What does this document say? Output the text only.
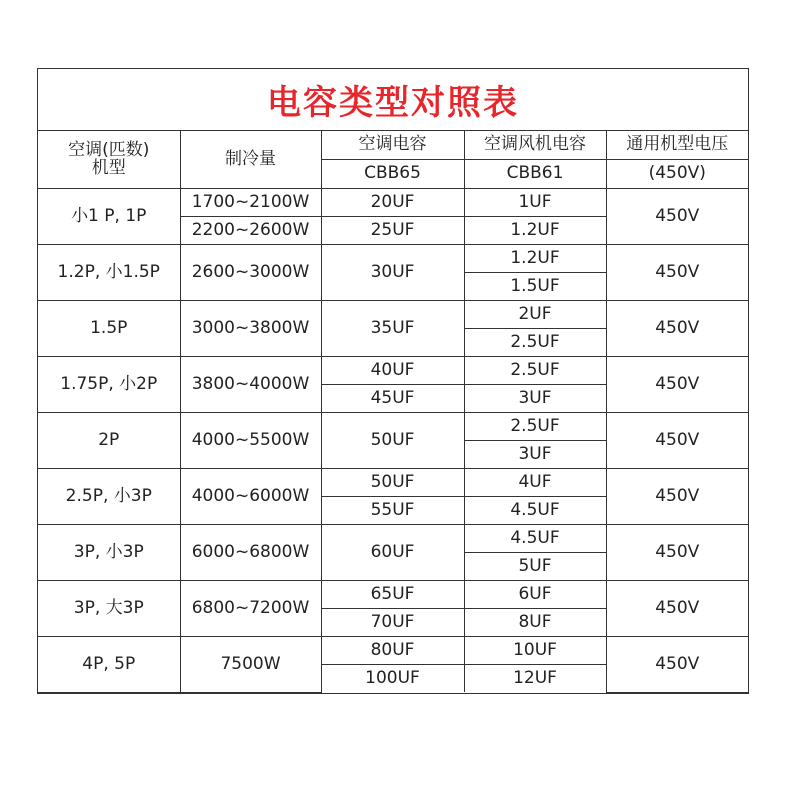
电容类型对照表
空调(匹数)
机型	制冷量	空调电容	空调风机电容	通用机型电压
		CBB65	CBB61	(450V)
小1 P, 1P	1700~2100W	20UF	1UF	450V
	2200~2600W	25UF	1.2UF	
1.2P, 小1.5P	2600~3000W	30UF	1.2UF	450V
			1.5UF	
1.5P	3000~3800W	35UF	2UF	450V
			2.5UF	
1.75P, 小2P	3800~4000W	40UF	2.5UF	450V
		45UF	3UF	
2P	4000~5500W	50UF	2.5UF	450V
			3UF	
2.5P, 小3P	4000~6000W	50UF	4UF	450V
		55UF	4.5UF	
3P, 小3P	6000~6800W	60UF	4.5UF	450V
			5UF	
3P, 大3P	6800~7200W	65UF	6UF	450V
		70UF	8UF	
4P, 5P	7500W	80UF	10UF	450V
		100UF	12UF	
